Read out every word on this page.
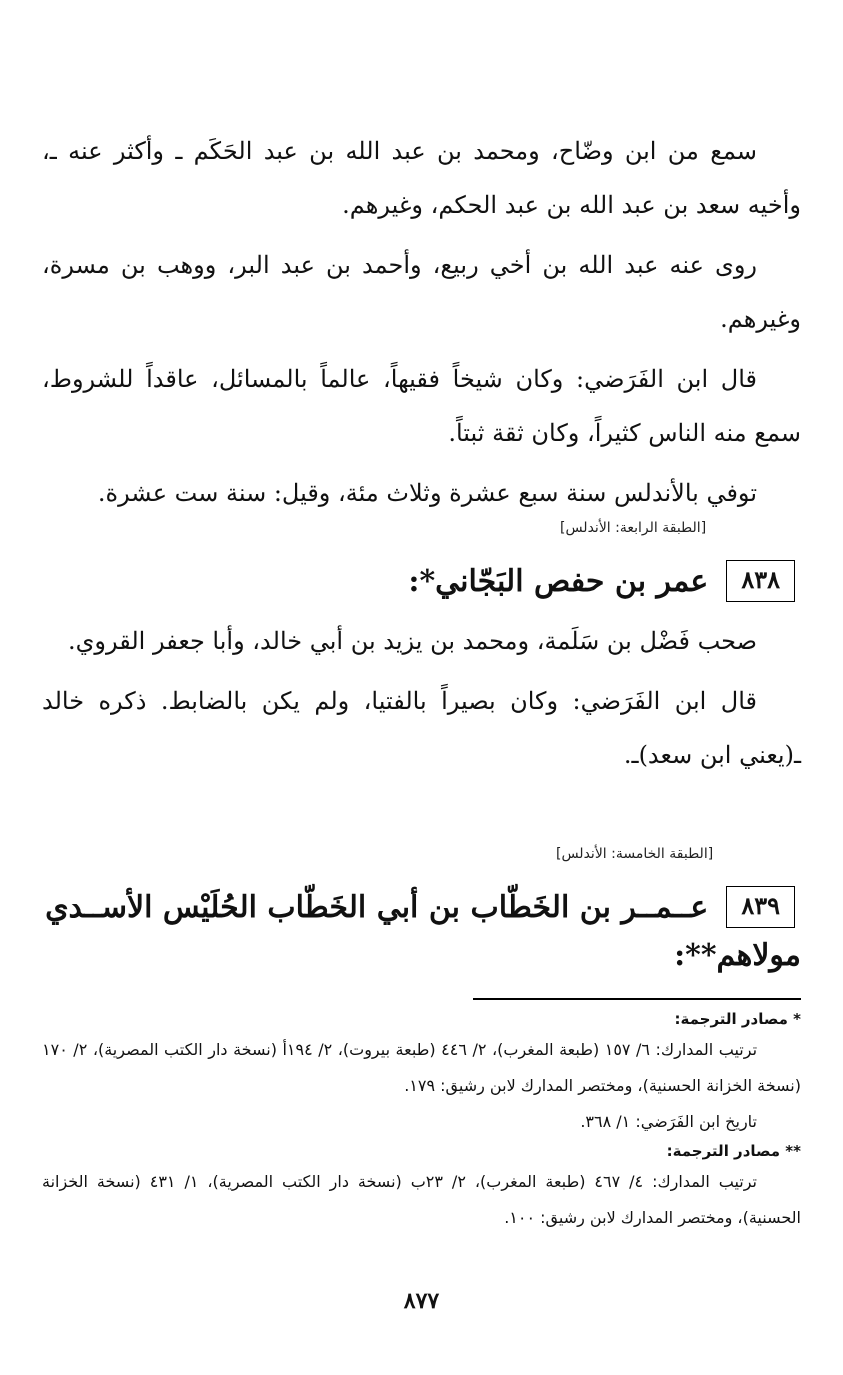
سمع من ابن وضّاح، ومحمد بن عبد الله بن عبد الحَكَم ـ وأكثر عنه ـ، وأخيه سعد بن عبد الله بن عبد الحكم، وغيرهم.

روى عنه عبد الله بن أخي ربيع، وأحمد بن عبد البر، ووهب بن مسرة، وغيرهم.

قال ابن الفَرَضي: وكان شيخاً فقيهاً، عالماً بالمسائل، عاقداً للشروط، سمع منه الناس كثيراً، وكان ثقة ثبتاً.

توفي بالأندلس سنة سبع عشرة وثلاث مئة، وقيل: سنة ست عشرة.

[الطبقة الرابعة: الأندلس]
٨٣٨
عمر بن حفص البَجّاني*:

صحب فَضْل بن سَلَمة، ومحمد بن يزيد بن أبي خالد، وأبا جعفر القروي.

قال ابن الفَرَضي: وكان بصيراً بالفتيا، ولم يكن بالضابط. ذكره خالد ـ(يعني ابن سعد)ـ.

[الطبقة الخامسة: الأندلس]
٨٣٩
عــمــر بن الخَطّاب بن أبي الخَطّاب الحُلَيْس الأســدي
مولاهم**:
* مصادر الترجمة:

ترتيب المدارك: ٦/ ١٥٧ (طبعة المغرب)، ٢/ ٤٤٦ (طبعة بيروت)، ٢/ ١٩٤أ (نسخة دار الكتب المصرية)، ٢/ ١٧٠ (نسخة الخزانة الحسنية)، ومختصر المدارك لابن رشيق: ١٧٩.

تاريخ ابن الفَرَضي: ١/ ٣٦٨.

** مصادر الترجمة:

ترتيب المدارك: ٤/ ٤٦٧ (طبعة المغرب)، ٢/ ٢٣ب (نسخة دار الكتب المصرية)، ١/ ٤٣١ (نسخة الخزانة الحسنية)، ومختصر المدارك لابن رشيق: ١٠٠.

٨٧٧
